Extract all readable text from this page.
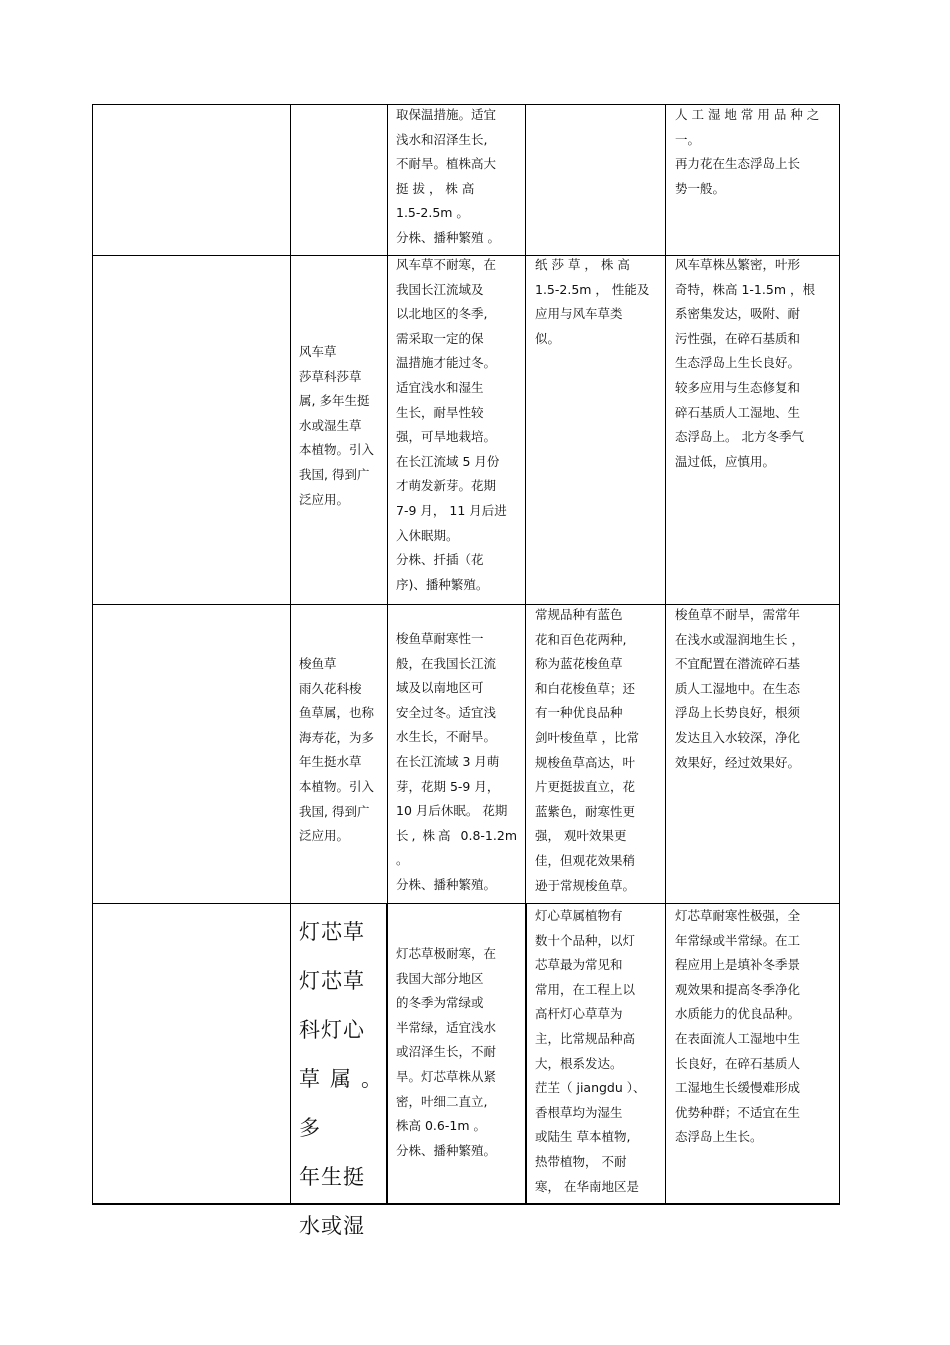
取保温措施。适宜

浅水和沼泽生长,

不耐旱。植株高大

挺 拔 ， 株 高

1.5-2.5m 。

分株、播种繁殖 。

人 工 湿 地 常 用 品 种 之

一。

再力花在生态浮岛上长

势一般。

风车草

莎草科莎草

属, 多年生挺

水或湿生草

本植物。引入

我国, 得到广

泛应用。

风车草不耐寒，在

我国长江流域及

以北地区的冬季,

需采取一定的保

温措施才能过冬。

适宜浅水和湿生

生长，耐旱性较

强，可旱地栽培。

在长江流域 5 月份

才萌发新芽。花期

7-9 月， 11 月后进

入休眠期。

分株、扦插（花

序)、播种繁殖。

纸 莎 草 ， 株 高

1.5-2.5m ， 性能及

应用与风车草类

似。

风车草株丛繁密，叶形

奇特，株高 1-1.5m ，根

系密集发达，吸附、耐

污性强，在碎石基质和

生态浮岛上生长良好。

较多应用与生态修复和

碎石基质人工湿地、生

态浮岛上。 北方冬季气

温过低，应慎用。

梭鱼草

雨久花科梭

鱼草属，也称

海寿花，为多

年生挺水草

本植物。引入

我国, 得到广

泛应用。

梭鱼草耐寒性一

般，在我国长江流

域及以南地区可

安全过冬。适宜浅

水生长，不耐旱。

在长江流域 3 月萌

芽，花期 5-9 月，

10 月后休眠。 花期

长, 株高 0.8-1.2m 。

分株、播种繁殖。

常规品种有蓝色

花和百色花两种,

称为蓝花梭鱼草

和白花梭鱼草；还

有一种优良品种

剑叶梭鱼草 ，比常

规梭鱼草高达，叶

片更挺拔直立，花

蓝紫色，耐寒性更

强， 观叶效果更

佳，但观花效果稍

逊于常规梭鱼草。

梭鱼草不耐旱，需常年

在浅水或湿润地生长 ，

不宜配置在潜流碎石基

质人工湿地中。在生态

浮岛上长势良好，根须

发达且入水较深，净化

效果好，经过效果好。

灯芯草

灯芯草

科灯心

草属。多

年生挺

水或湿

灯芯草极耐寒，在

我国大部分地区

的冬季为常绿或

半常绿，适宜浅水

或沼泽生长，不耐

旱。灯芯草株从紧

密，叶细二直立,

株高 0.6-1m 。

分株、播种繁殖。

灯心草属植物有

数十个品种，以灯

芯草最为常见和

常用，在工程上以

高杆灯心草草为

主，比常规品种高

大，根系发达。

茳芏（ jiangdu ）、

香根草均为湿生

或陆生 草本植物,

热带植物， 不耐

寒， 在华南地区是

灯芯草耐寒性极强，全

年常绿或半常绿。在工

程应用上是填补冬季景

观效果和提高冬季净化

水质能力的优良品种。

在表面流人工湿地中生

长良好，在碎石基质人

工湿地生长缓慢难形成

优势种群；不适宜在生

态浮岛上生长。
